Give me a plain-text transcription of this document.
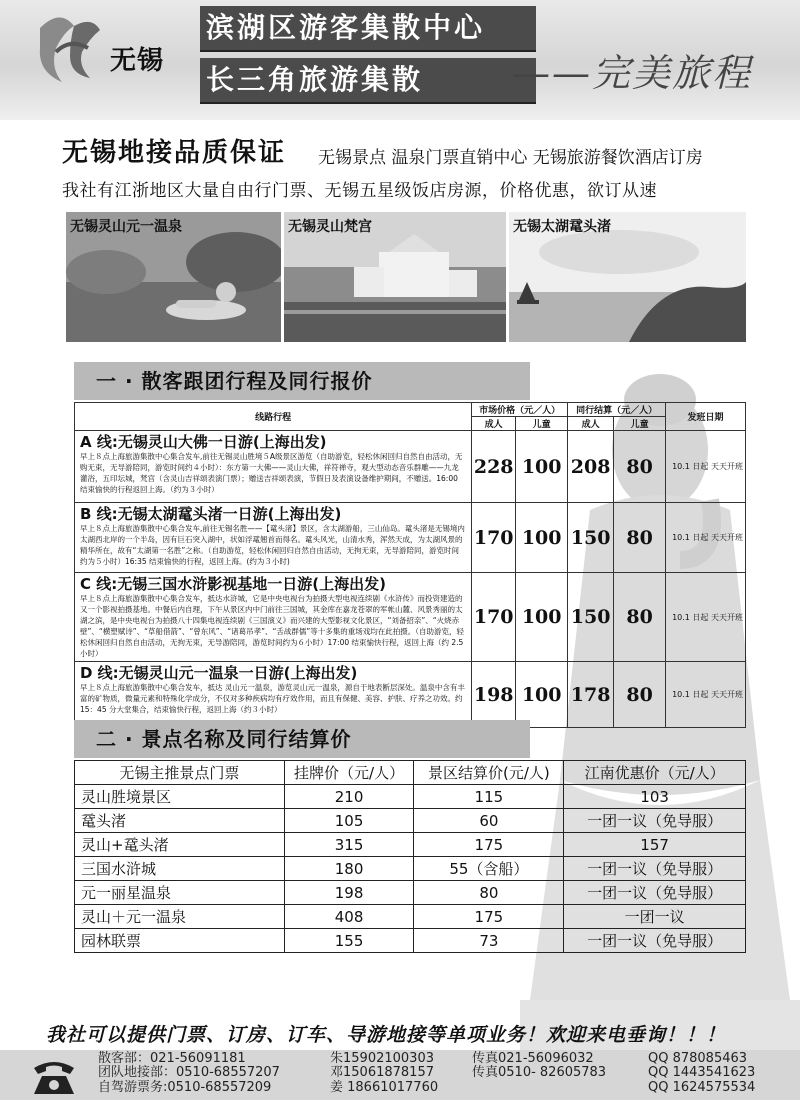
无锡
滨湖区游客集散中心
长三角旅游集散	——完美旅程
无锡地接品质保证 无锡景点 温泉门票直销中心 无锡旅游餐饮酒店订房
我社有江浙地区大量自由行门票、无锡五星级饭店房源，价格优惠，欲订从速
无锡灵山元一温泉	无锡灵山梵宫	无锡太湖鼋头渚
一 · 散客跟团行程及同行报价
线路行程	市场价格（元／人）		同行结算（元／人）		发班日期
	成人	儿童	成人	儿童	

A 线:无锡灵山大佛一日游(上海出发)
早上８点上海旅游集散中心集合发车,前往无锡灵山胜境５A级景区游览（自助游览，轻松休闲回归自然自由活动，无购无束，无导游陪同，游览时间约４小时）：东方第一大佛——灵山大佛，祥符禅寺，观大型动态音乐群雕——九龙灌浴，五印坛城，梵宫（含灵山吉祥颂表演门票）；赠送吉祥颂表演，节假日及表演设备维护期间，不赠送。16:00 结束愉快的行程返回上海。（约为３小时）	228	100	208	80	10.1 日起 天天开班

B 线:无锡太湖鼋头渚一日游(上海出发)
早上８点上海旅游集散中心集合发车,前往无锡名胜——【鼋头渚】景区，含太湖游船，三山仙岛。鼋头渚是无锡境内太湖西北岸的一个半岛，因有巨石突入湖中，状如浮鼋翘首而得名。鼋头风光，山清水秀，浑然天成，为太湖风景的精华所在，故有“太湖第一名胜”之称。（自助游览，轻松休闲回归自然自由活动，无拘无束，无导游陪同，游览时间约为５小时）16:35 结束愉快的行程，返回上海。(约为３小时)	170	100	150	80	10.1 日起 天天开班

C 线:无锡三国水浒影视基地一日游(上海出发)
早上８点上海旅游集散中心集合发车，抵达水浒城，它是中央电视台为拍摄大型电视连续剧《水浒传》而投资建造的又一个影视拍摄基地。中餐后内自理，下午从景区内中门前往三国城，其金库在嘉龙苍翠的军帐山麓、风景秀丽的太湖之滨，是中央电视台为拍摄八十四集电视连续剧《三国演义》而兴建的大型影视文化景区，“刘备招亲”、“火烧赤壁”、“横塑赋诗”、“草船借箭”、“曾东风”、“诸葛吊孝”、“舌战群儒”等十多集的重场戏均在此拍摄。（自助游览，轻松休闲回归自然自由活动，无拘无束，无导游陪同，游览时间约为６小时）17:00 结束愉快行程，返回上海（约 2.5 小时）	170	100	150	80	10.1 日起 天天开班

D 线:无锡灵山元一温泉一日游(上海出发)
早上８点上海旅游集散中心集合发车，抵达 灵山元一温泉，游览灵山元一温泉，源自于地表断层深处。温泉中含有丰富的矿物质，微量元素和特殊化学成分，不仅对多种疾病均有疗效作用，而且有保健、美容、护肤、疗养之功效。约 15：45 分大堂集合，结束愉快行程，返回上海（约３小时）	198	100	178	80	10.1 日起 天天开班
二 · 景点名称及同行结算价
无锡主推景点门票	挂牌价（元/人）	景区结算价(元/人)	江南优惠价（元/人）
灵山胜境景区	210	115	103
鼋头渚	105	60	一团一议（免导服）
灵山+鼋头渚	315	175	157
三国水浒城	180	55（含船）	一团一议（免导服）
元一丽星温泉	198	80	一团一议（免导服）
灵山＋元一温泉	408	175	一团一议
园林联票	155	73	一团一议（免导服）
我社可以提供门票、订房、订车、导游地接等单项业务！欢迎来电垂询！！！
散客部：021-56091181
团队地接部：0510-68557207
朱15902100303
邓15061878157
传真021-56096032
传真0510- 82605783
QQ 878085463
QQ 1443541623
自驾游票务:0510-68557209	姜 18661017760	QQ 1624575534
